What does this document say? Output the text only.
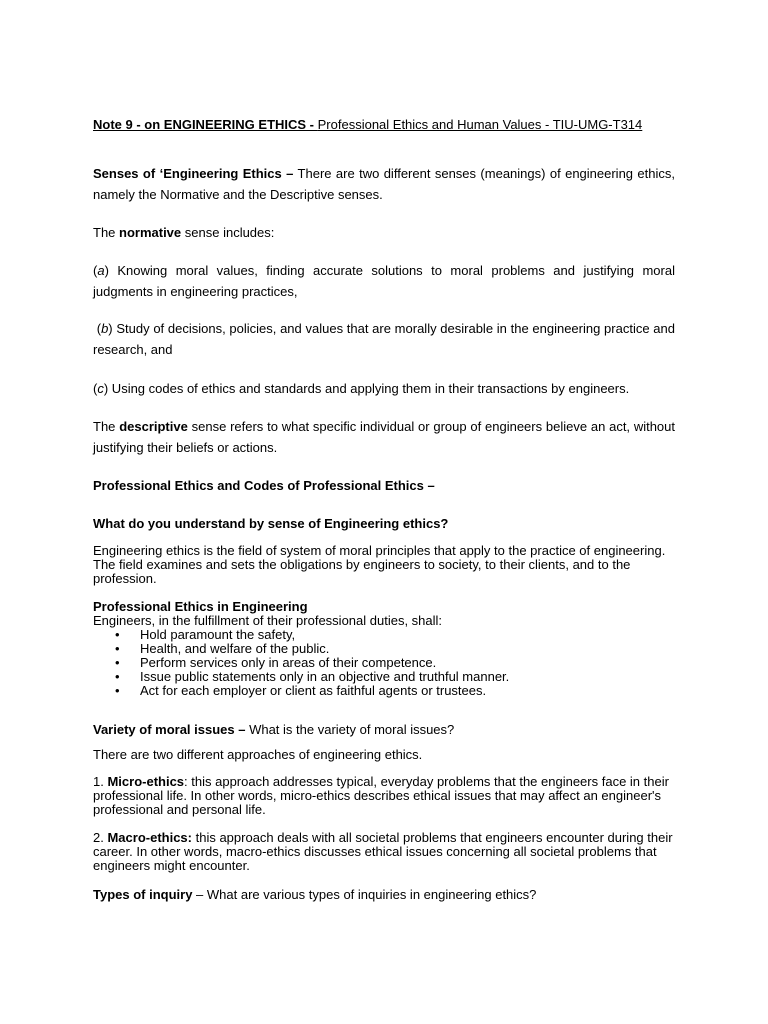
Note 9 - on ENGINEERING ETHICS - Professional Ethics and Human Values - TIU-UMG-T314

Senses of ‘Engineering Ethics – There are two different senses (meanings) of engineering ethics, namely the Normative and the Descriptive senses.

The normative sense includes:

(a) Knowing moral values, finding accurate solutions to moral problems and justifying moral judgments in engineering practices,

(b) Study of decisions, policies, and values that are morally desirable in the engineering practice and research, and

(c) Using codes of ethics and standards and applying them in their transactions by engineers.

The descriptive sense refers to what specific individual or group of engineers believe an act, without justifying their beliefs or actions.

Professional Ethics and Codes of Professional Ethics –

What do you understand by sense of Engineering ethics?

Engineering ethics is the field of system of moral principles that apply to the practice of engineering. The field examines and sets the obligations by engineers to society, to their clients, and to the profession.

Professional Ethics in Engineering
Engineers, in the fulfillment of their professional duties, shall:
• Hold paramount the safety,
• Health, and welfare of the public.
• Perform services only in areas of their competence.
• Issue public statements only in an objective and truthful manner.
• Act for each employer or client as faithful agents or trustees.

Variety of moral issues – What is the variety of moral issues?

There are two different approaches of engineering ethics.

1. Micro-ethics: this approach addresses typical, everyday problems that the engineers face in their professional life. In other words, micro-ethics describes ethical issues that may affect an engineer's professional and personal life.

2. Macro-ethics: this approach deals with all societal problems that engineers encounter during their career. In other words, macro-ethics discusses ethical issues concerning all societal problems that engineers might encounter.

Types of inquiry – What are various types of inquiries in engineering ethics?
